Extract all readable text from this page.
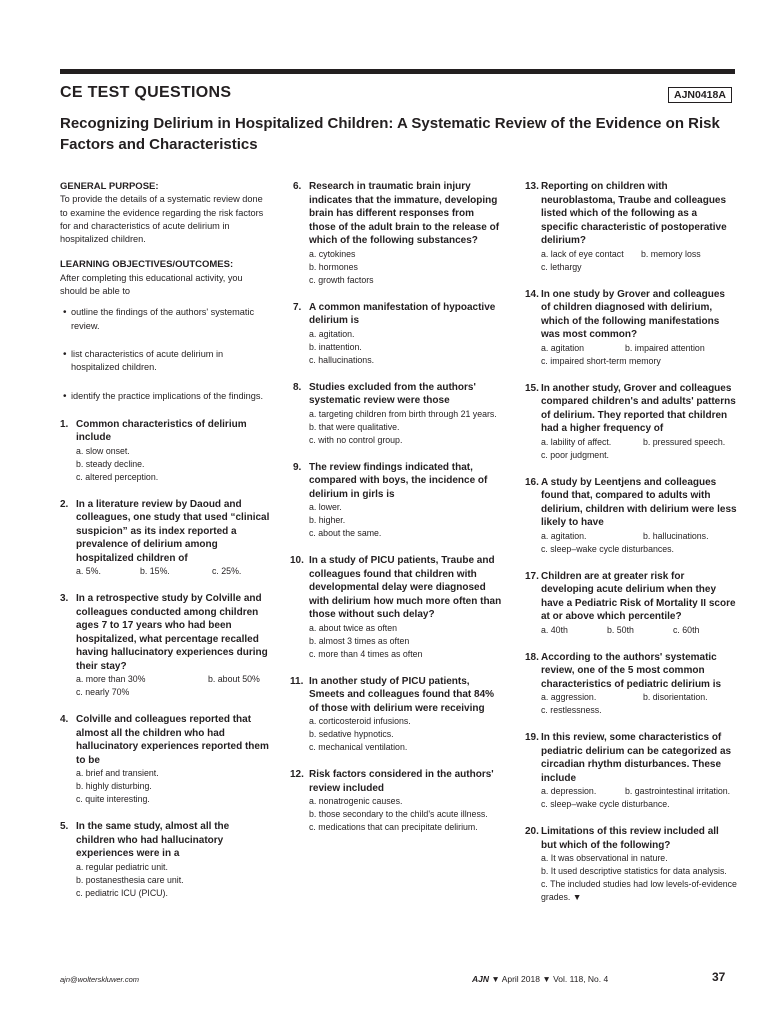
CE TEST QUESTIONS	AJN0418A
Recognizing Delirium in Hospitalized Children: A Systematic Review of the Evidence on Risk Factors and Characteristics
GENERAL PURPOSE:
To provide the details of a systematic review done to examine the evidence regarding the risk factors for and characteristics of acute delirium in hospitalized children.
LEARNING OBJECTIVES/OUTCOMES:
After completing this educational activity, you should be able to
• outline the findings of the authors' systematic review.
• list characteristics of acute delirium in hospitalized children.
• identify the practice implications of the findings.
1. Common characteristics of delirium include
a. slow onset.
b. steady decline.
c. altered perception.
2. In a literature review by Daoud and colleagues, one study that used “clinical suspicion” as its index reported a prevalence of delirium among hospitalized children of
a. 5%.	b. 15%.	c. 25%.
3. In a retrospective study by Colville and colleagues conducted among children ages 7 to 17 years who had been hospitalized, what percentage recalled having hallucinatory experiences during their stay?
a. more than 30%	b. about 50%
c. nearly 70%
4. Colville and colleagues reported that almost all the children who had hallucinatory experiences reported them to be
a. brief and transient.
b. highly disturbing.
c. quite interesting.
5. In the same study, almost all the children who had hallucinatory experiences were in a
a. regular pediatric unit.
b. postanesthesia care unit.
c. pediatric ICU (PICU).
6. Research in traumatic brain injury indicates that the immature, developing brain has different responses from those of the adult brain to the release of which of the following substances?
a. cytokines
b. hormones
c. growth factors
7. A common manifestation of hypoactive delirium is
a. agitation.
b. inattention.
c. hallucinations.
8. Studies excluded from the authors' systematic review were those
a. targeting children from birth through 21 years.
b. that were qualitative.
c. with no control group.
9. The review findings indicated that, compared with boys, the incidence of delirium in girls is
a. lower.
b. higher.
c. about the same.
10. In a study of PICU patients, Traube and colleagues found that children with developmental delay were diagnosed with delirium how much more often than those without such delay?
a. about twice as often
b. almost 3 times as often
c. more than 4 times as often
11. In another study of PICU patients, Smeets and colleagues found that 84% of those with delirium were receiving
a. corticosteroid infusions.
b. sedative hypnotics.
c. mechanical ventilation.
12. Risk factors considered in the authors' review included
a. nonatrogenic causes.
b. those secondary to the child's acute illness.
c. medications that can precipitate delirium.
13. Reporting on children with neuroblastoma, Traube and colleagues listed which of the following as a specific characteristic of postoperative delirium?
a. lack of eye contact	b. memory loss
c. lethargy
14. In one study by Grover and colleagues of children diagnosed with delirium, which of the following manifestations was most common?
a. agitation	b. impaired attention
c. impaired short-term memory
15. In another study, Grover and colleagues compared children's and adults' patterns of delirium. They reported that children had a higher frequency of
a. lability of affect.	b. pressured speech.
c. poor judgment.
16. A study by Leentjens and colleagues found that, compared to adults with delirium, children with delirium were less likely to have
a. agitation.	b. hallucinations.
c. sleep–wake cycle disturbances.
17. Children are at greater risk for developing acute delirium when they have a Pediatric Risk of Mortality II score at or above which percentile?
a. 40th	b. 50th	c. 60th
18. According to the authors' systematic review, one of the 5 most common characteristics of pediatric delirium is
a. aggression.	b. disorientation.
c. restlessness.
19. In this review, some characteristics of pediatric delirium can be categorized as circadian rhythm disturbances. These include
a. depression.	b. gastrointestinal irritation.
c. sleep–wake cycle disturbance.
20. Limitations of this review included all but which of the following?
a. It was observational in nature.
b. It used descriptive statistics for data analysis.
c. The included studies had low levels-of-evidence grades. ▼
ajn@wolterskluwer.com	AJN ▼ April 2018 ▼ Vol. 118, No. 4	37
